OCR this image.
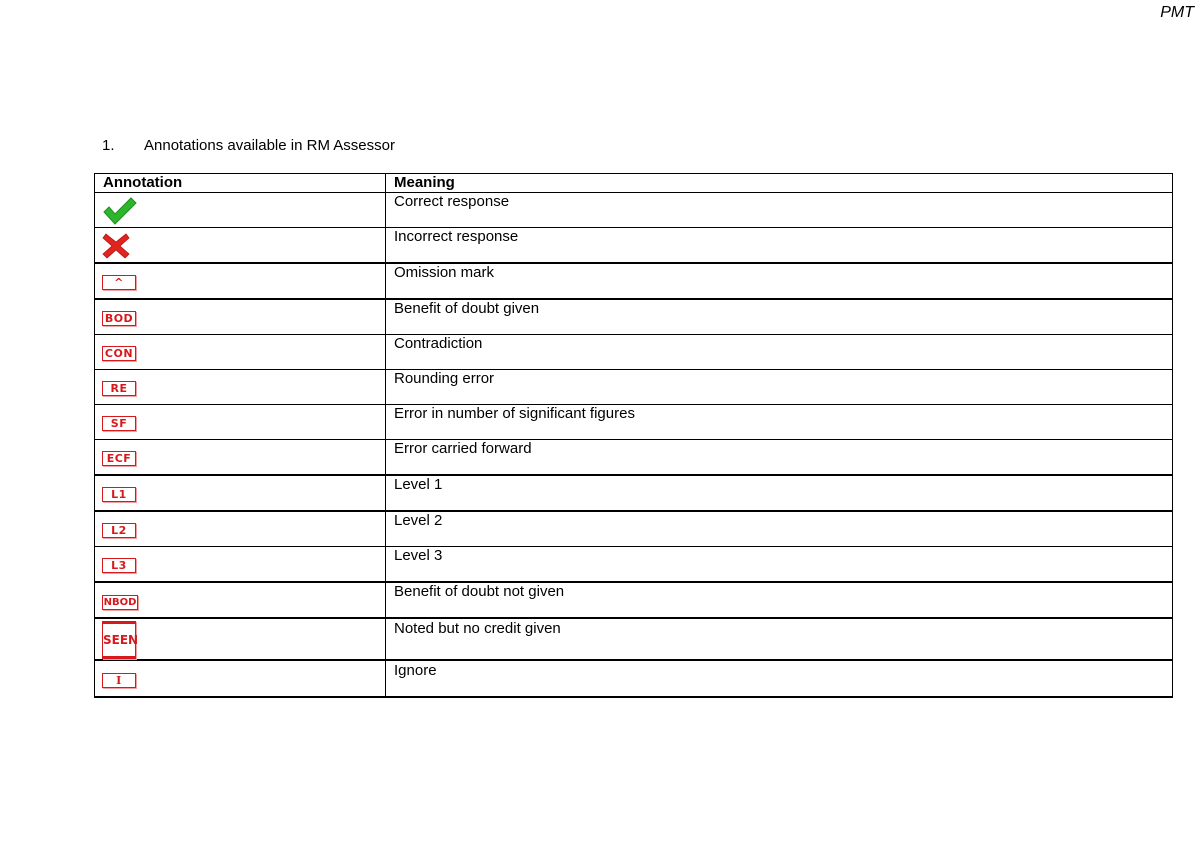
PMT
1. Annotations available in RM Assessor
Annotation	Meaning

	Correct response

	Incorrect response
^	Omission mark
BOD	Benefit of doubt given
CON	Contradiction
RE	Rounding error
SF	Error in number of significant figures
ECF	Error carried forward
L1	Level 1
L2	Level 2
L3	Level 3
NBOD	Benefit of doubt not given
SEEN	Noted but no credit given
I	Ignore
